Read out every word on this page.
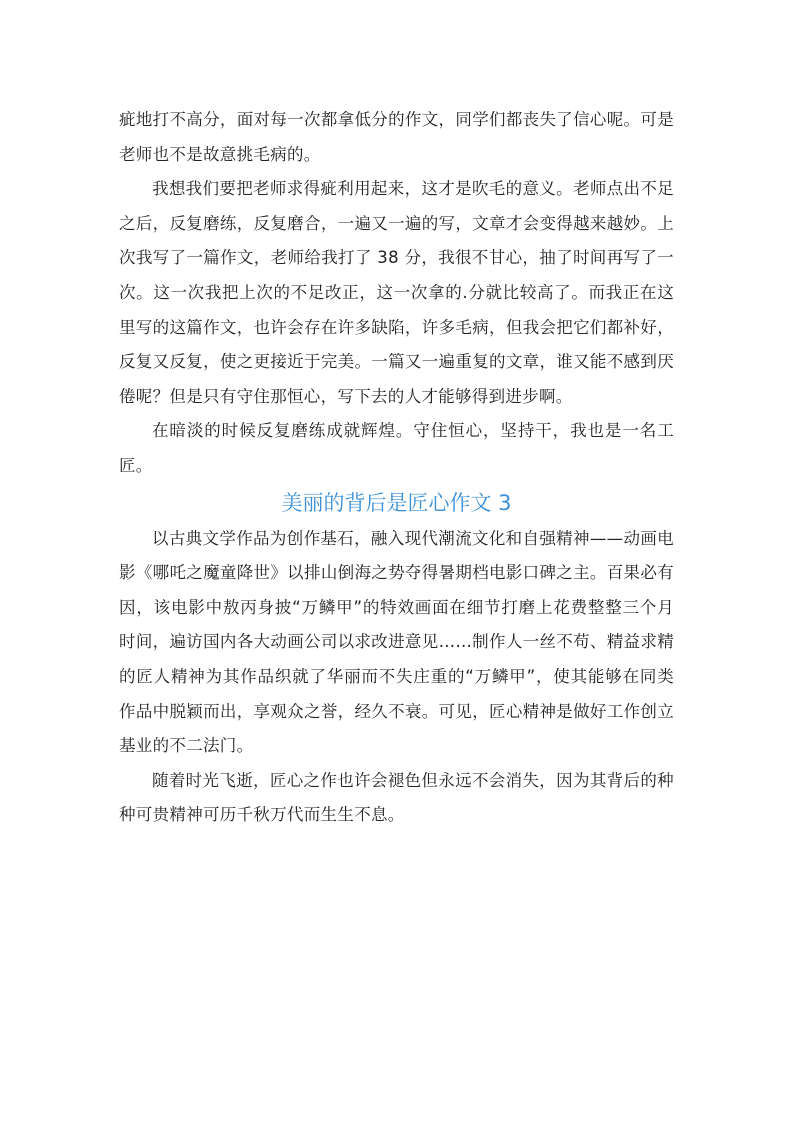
疵地打不高分，面对每一次都拿低分的作文，同学们都丧失了信心呢。可是老师也不是故意挑毛病的。

我想我们要把老师求得疵利用起来，这才是吹毛的意义。老师点出不足之后，反复磨练，反复磨合，一遍又一遍的写，文章才会变得越来越妙。上次我写了一篇作文，老师给我打了 38 分，我很不甘心，抽了时间再写了一次。这一次我把上次的不足改正，这一次拿的.分就比较高了。而我正在这里写的这篇作文，也许会存在许多缺陷，许多毛病，但我会把它们都补好，反复又反复，使之更接近于完美。一篇又一遍重复的文章，谁又能不感到厌倦呢？但是只有守住那恒心，写下去的人才能够得到进步啊。

在暗淡的时候反复磨练成就辉煌。守住恒心，坚持干，我也是一名工匠。

美丽的背后是匠心作文 3

以古典文学作品为创作基石，融入现代潮流文化和自强精神——动画电影《哪吒之魔童降世》以排山倒海之势夺得暑期档电影口碑之主。百果必有因，该电影中敖丙身披“万鳞甲”的特效画面在细节打磨上花费整整三个月时间，遍访国内各大动画公司以求改进意见……制作人一丝不苟、精益求精的匠人精神为其作品织就了华丽而不失庄重的“万鳞甲”，使其能够在同类作品中脱颖而出，享观众之誉，经久不衰。可见，匠心精神是做好工作创立基业的不二法门。

随着时光飞逝，匠心之作也许会褪色但永远不会消失，因为其背后的种种可贵精神可历千秋万代而生生不息。
